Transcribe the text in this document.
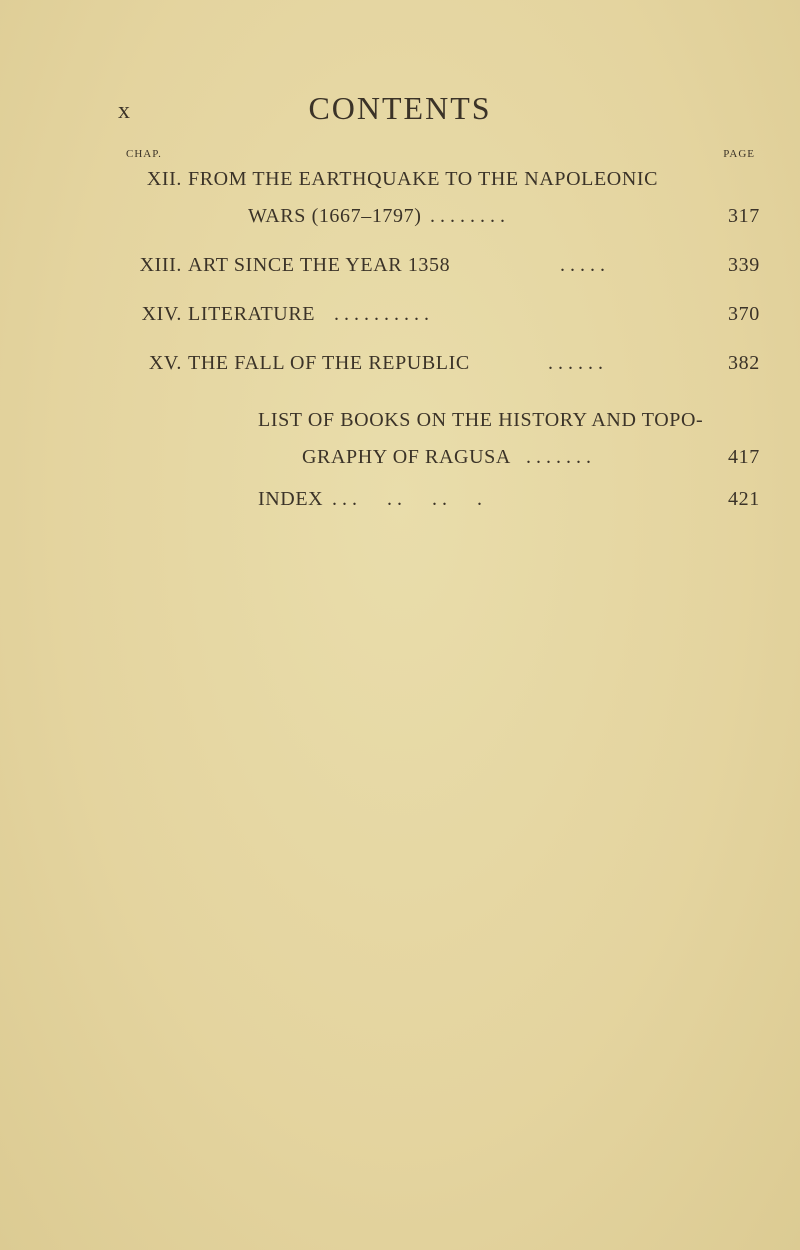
x	CONTENTS
CHAP.	PAGE
XII. FROM THE EARTHQUAKE TO THE NAPOLEONIC
WARS (1667–1797) . . . . . . . .	317
XIII. ART SINCE THE YEAR 1358	. . . . .	339
XIV. LITERATURE . . . . . . . . . .	370
XV. THE FALL OF THE REPUBLIC	. . . . . .	382
LIST OF BOOKS ON THE HISTORY AND TOPO-
GRAPHY OF RAGUSA . . . . . . .	417
INDEX . . .      . .      . .      .	421
